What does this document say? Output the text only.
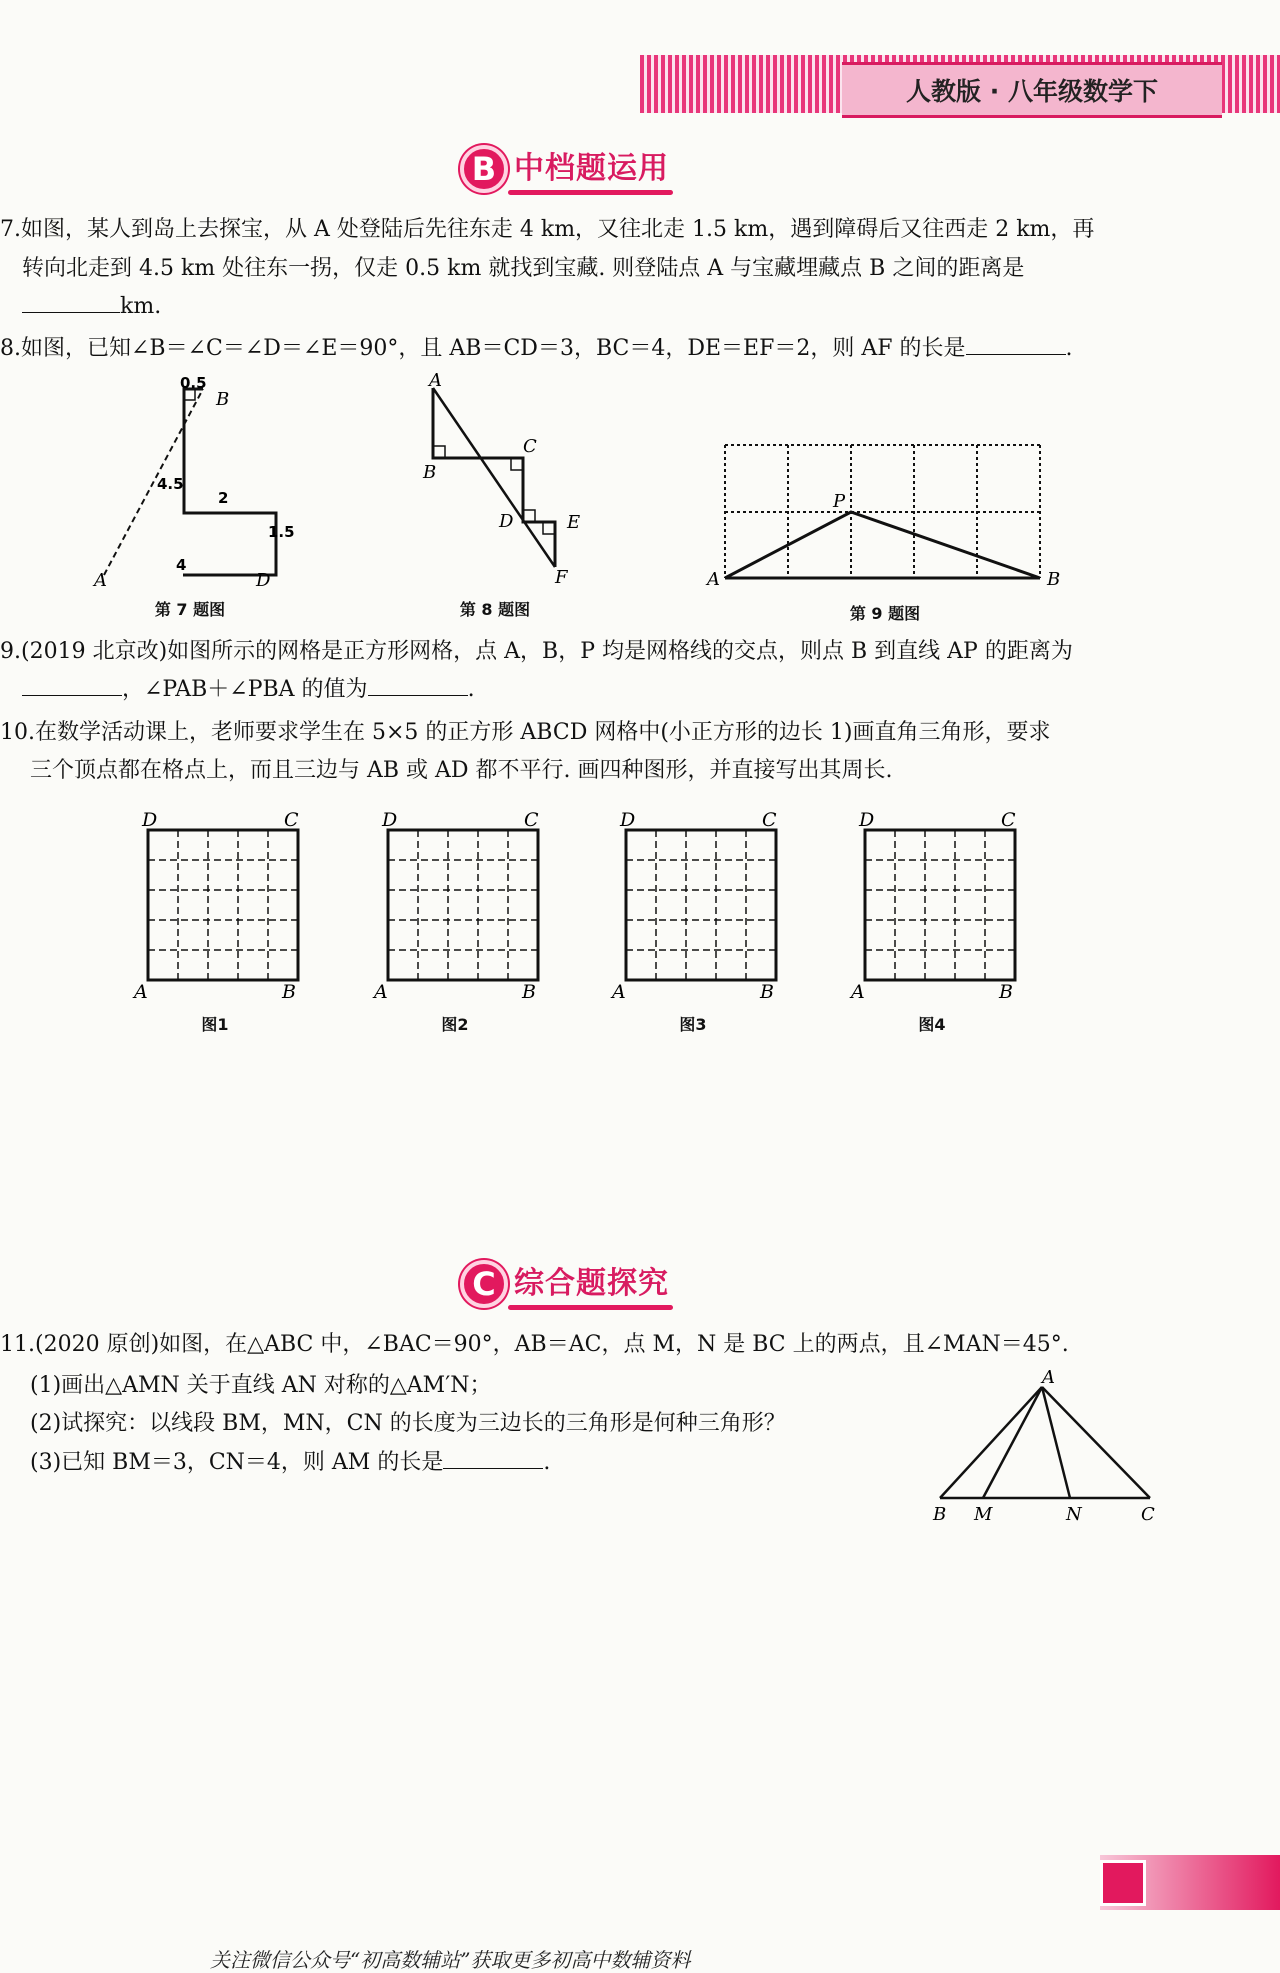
人教版 · 八年级数学下
B 中档题运用
7.如图，某人到岛上去探宝，从 A 处登陆后先往东走 4 km，又往北走 1.5 km，遇到障碍后又往西走 2 km，再
转向北走到 4.5 km 处往东一拐，仅走 0.5 km 就找到宝藏. 则登陆点 A 与宝藏埋藏点 B 之间的距离是
km.
8.如图，已知∠B＝∠C＝∠D＝∠E＝90°，且 AB＝CD＝3，BC＝4，DE＝EF＝2，则 AF 的长是	.
A
B
D
0.5
4.5
2
1.5
4
第 7 题图
A
B
C
D	E
F
第 8 题图
A	B
P
第 9 题图
9.(2019 北京改)如图所示的网格是正方形网格，点 A，B，P 均是网格线的交点，则点 B 到直线 AP 的距离为
，∠PAB＋∠PBA 的值为	.
10.在数学活动课上，老师要求学生在 5×5 的正方形 ABCD 网格中(小正方形的边长 1)画直角三角形，要求
三个顶点都在格点上，而且三边与 AB 或 AD 都不平行. 画四种图形，并直接写出其周长.
D	C
A	B
D	C
A	B
D	C
A	B
D	C
A	B
图1	图2	图3	图4
C 综合题探究
11.(2020 原创)如图，在△ABC 中，∠BAC＝90°，AB＝AC，点 M，N 是 BC 上的两点，且∠MAN＝45°.
(1)画出△AMN 关于直线 AN 对称的△AM′N；
(2)试探究：以线段 BM，MN，CN 的长度为三边长的三角形是何种三角形？
(3)已知 BM＝3，CN＝4，则 AM 的长是	.
A
B M	N	C
关注微信公众号“初高数辅站”获取更多初高中数辅资料
